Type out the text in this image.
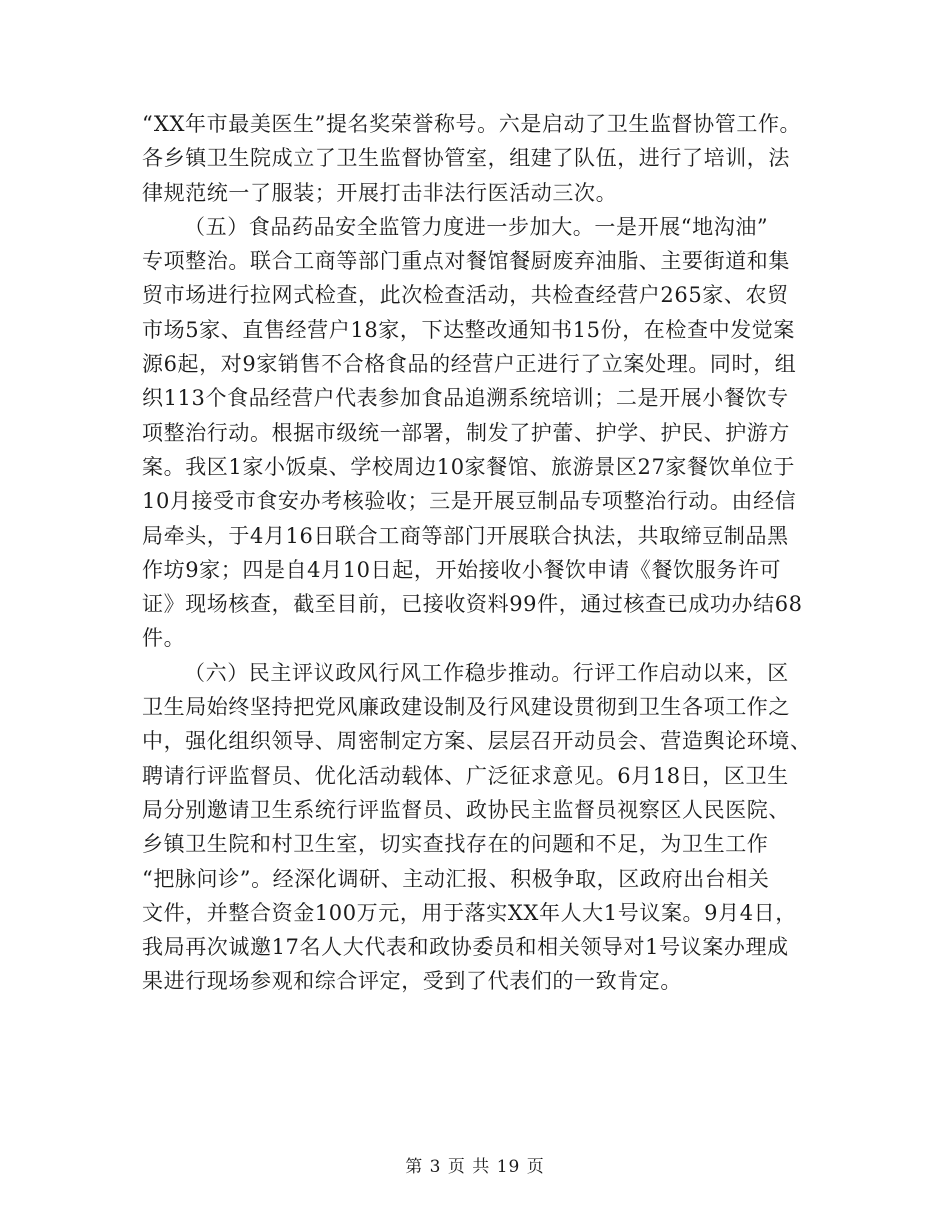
“XX年市最美医生”提名奖荣誉称号。六是启动了卫生监督协管工作。
各乡镇卫生院成立了卫生监督协管室，组建了队伍，进行了培训，法
律规范统一了服装；开展打击非法行医活动三次。
（五）食品药品安全监管力度进一步加大。一是开展“地沟油”
专项整治。联合工商等部门重点对餐馆餐厨废弃油脂、主要街道和集
贸市场进行拉网式检查，此次检查活动，共检查经营户265家、农贸
市场5家、直售经营户18家，下达整改通知书15份，在检查中发觉案
源6起，对9家销售不合格食品的经营户正进行了立案处理。同时，组
织113个食品经营户代表参加食品追溯系统培训；二是开展小餐饮专
项整治行动。根据市级统一部署，制发了护蕾、护学、护民、护游方
案。我区1家小饭桌、学校周边10家餐馆、旅游景区27家餐饮单位于
10月接受市食安办考核验收；三是开展豆制品专项整治行动。由经信
局牵头，于4月16日联合工商等部门开展联合执法，共取缔豆制品黑
作坊9家；四是自4月10日起，开始接收小餐饮申请《餐饮服务许可
证》现场核查，截至目前，已接收资料99件，通过核查已成功办结68
件。
（六）民主评议政风行风工作稳步推动。行评工作启动以来，区
卫生局始终坚持把党风廉政建设制及行风建设贯彻到卫生各项工作之
中，强化组织领导、周密制定方案、层层召开动员会、营造舆论环境、
聘请行评监督员、优化活动载体、广泛征求意见。6月18日，区卫生
局分别邀请卫生系统行评监督员、政协民主监督员视察区人民医院、
乡镇卫生院和村卫生室，切实查找存在的问题和不足，为卫生工作
“把脉问诊”。经深化调研、主动汇报、积极争取，区政府出台相关
文件，并整合资金100万元，用于落实XX年人大1号议案。9月4日，
我局再次诚邀17名人大代表和政协委员和相关领导对1号议案办理成
果进行现场参观和综合评定，受到了代表们的一致肯定。
第 3 页 共 19 页
